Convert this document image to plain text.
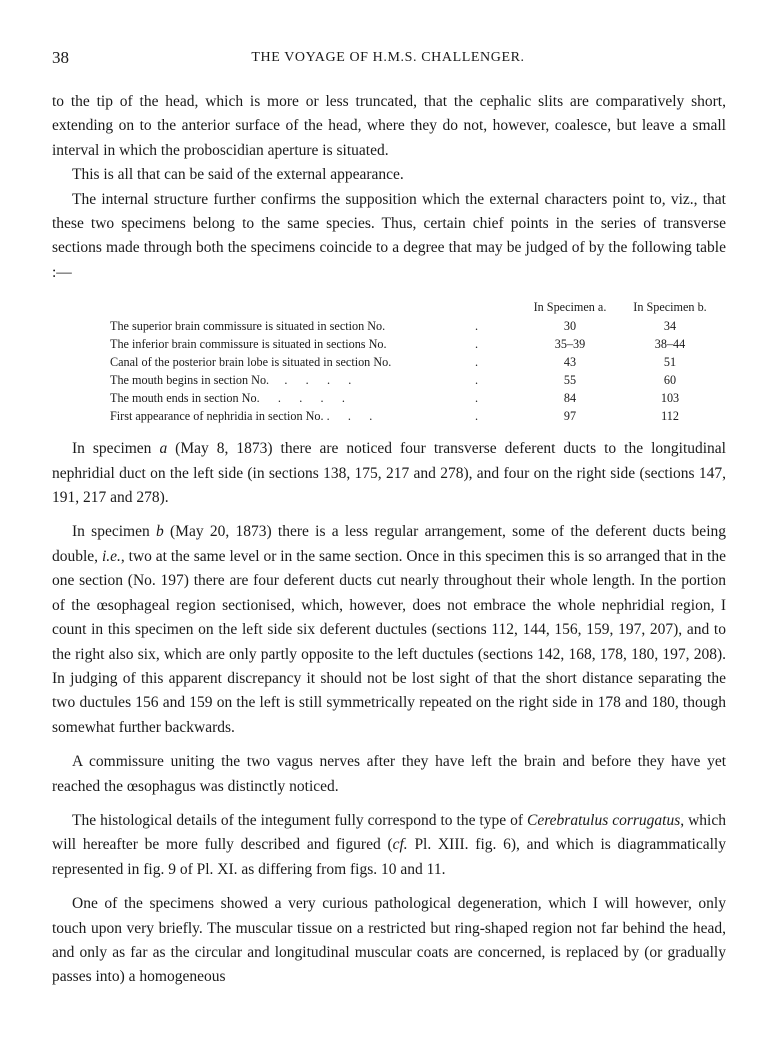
38	THE VOYAGE OF H.M.S. CHALLENGER.

to the tip of the head, which is more or less truncated, that the cephalic slits are comparatively short, extending on to the anterior surface of the head, where they do not, however, coalesce, but leave a small interval in which the proboscidian aperture is situated.

This is all that can be said of the external appearance.

The internal structure further confirms the supposition which the external characters point to, viz., that these two specimens belong to the same species. Thus, certain chief points in the series of transverse sections made through both the specimens coincide to a degree that may be judged of by the following table :—

		In Specimen a.	In Specimen b.
The superior brain commissure is situated in section No.	.	30	34
The inferior brain commissure is situated in sections No.	.	35–39	38–44
Canal of the posterior brain lobe is situated in section No.	.	43	51
The mouth begins in section No.     .      .      .      .	.	55	60
The mouth ends in section No.      .      .      .      .	.	84	103
First appearance of nephridia in section No. .      .      .	.	97	112

In specimen a (May 8, 1873) there are noticed four transverse deferent ducts to the longitudinal nephridial duct on the left side (in sections 138, 175, 217 and 278), and four on the right side (sections 147, 191, 217 and 278).

In specimen b (May 20, 1873) there is a less regular arrangement, some of the deferent ducts being double, i.e., two at the same level or in the same section. Once in this specimen this is so arranged that in the one section (No. 197) there are four deferent ducts cut nearly throughout their whole length. In the portion of the œsophageal region sectionised, which, however, does not embrace the whole nephridial region, I count in this specimen on the left side six deferent ductules (sections 112, 144, 156, 159, 197, 207), and to the right also six, which are only partly opposite to the left ductules (sections 142, 168, 178, 180, 197, 208). In judging of this apparent discrepancy it should not be lost sight of that the short distance separating the two ductules 156 and 159 on the left is still symmetrically repeated on the right side in 178 and 180, though somewhat further backwards.

A commissure uniting the two vagus nerves after they have left the brain and before they have yet reached the œsophagus was distinctly noticed.

The histological details of the integument fully correspond to the type of Cerebratulus corrugatus, which will hereafter be more fully described and figured (cf. Pl. XIII. fig. 6), and which is diagrammatically represented in fig. 9 of Pl. XI. as differing from figs. 10 and 11.

One of the specimens showed a very curious pathological degeneration, which I will however, only touch upon very briefly. The muscular tissue on a restricted but ring-shaped region not far behind the head, and only as far as the circular and longitudinal muscular coats are concerned, is replaced by (or gradually passes into) a homogeneous
